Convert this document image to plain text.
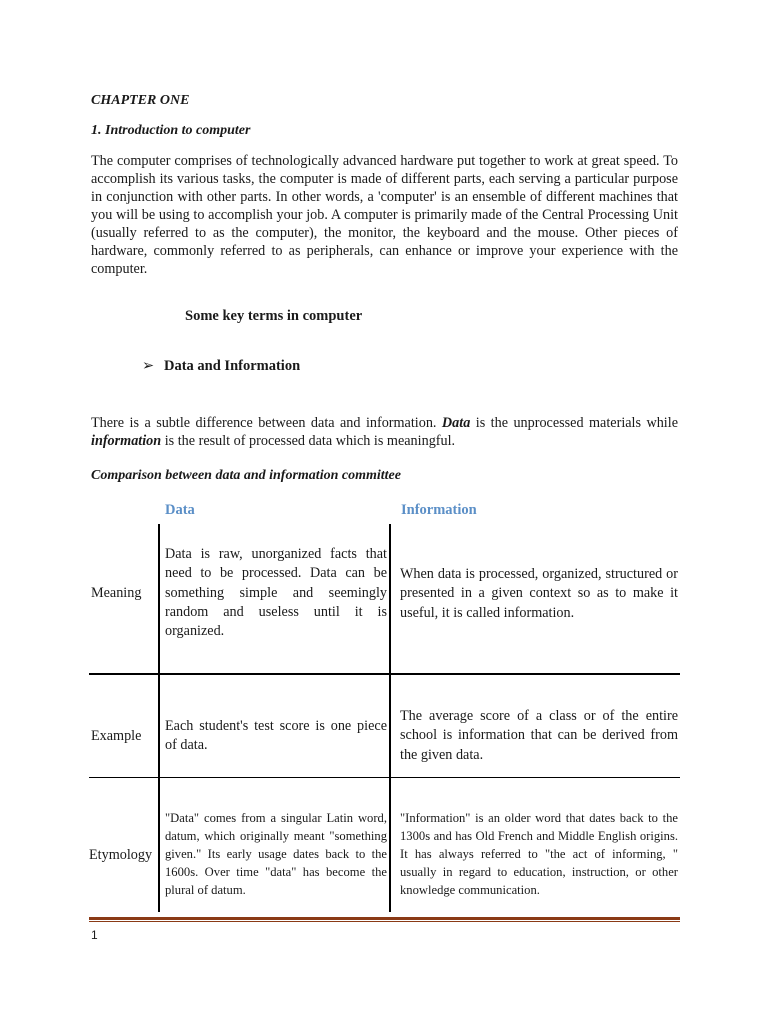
CHAPTER ONE
1. Introduction to computer
The computer comprises of technologically advanced hardware put together to work at great speed. To accomplish its various tasks, the computer is made of different parts, each serving a particular purpose in conjunction with other parts. In other words, a 'computer' is an ensemble of different machines that you will be using to accomplish your job. A computer is primarily made of the Central Processing Unit (usually referred to as the computer), the monitor, the keyboard and the mouse. Other pieces of hardware, commonly referred to as peripherals, can enhance or improve your experience with the computer.
Some key terms in computer
➢ Data and Information
There is a subtle difference between data and information. Data is the unprocessed materials while information is the result of processed data which is meaningful.
Comparison between data and information committee
Data	Information
Meaning
Data is raw, unorganized facts that need to be processed. Data can be something simple and seemingly random and useless until it is organized.
When data is processed, organized, structured or presented in a given context so as to make it useful, it is called information.
Example
Each student's test score is one piece of data.
The average score of a class or of the entire school is information that can be derived from the given data.
Etymology
"Data" comes from a singular Latin word, datum, which originally meant "something given." Its early usage dates back to the 1600s. Over time "data" has become the plural of datum.
"Information" is an older word that dates back to the 1300s and has Old French and Middle English origins. It has always referred to "the act of informing, " usually in regard to education, instruction, or other knowledge communication.
1
